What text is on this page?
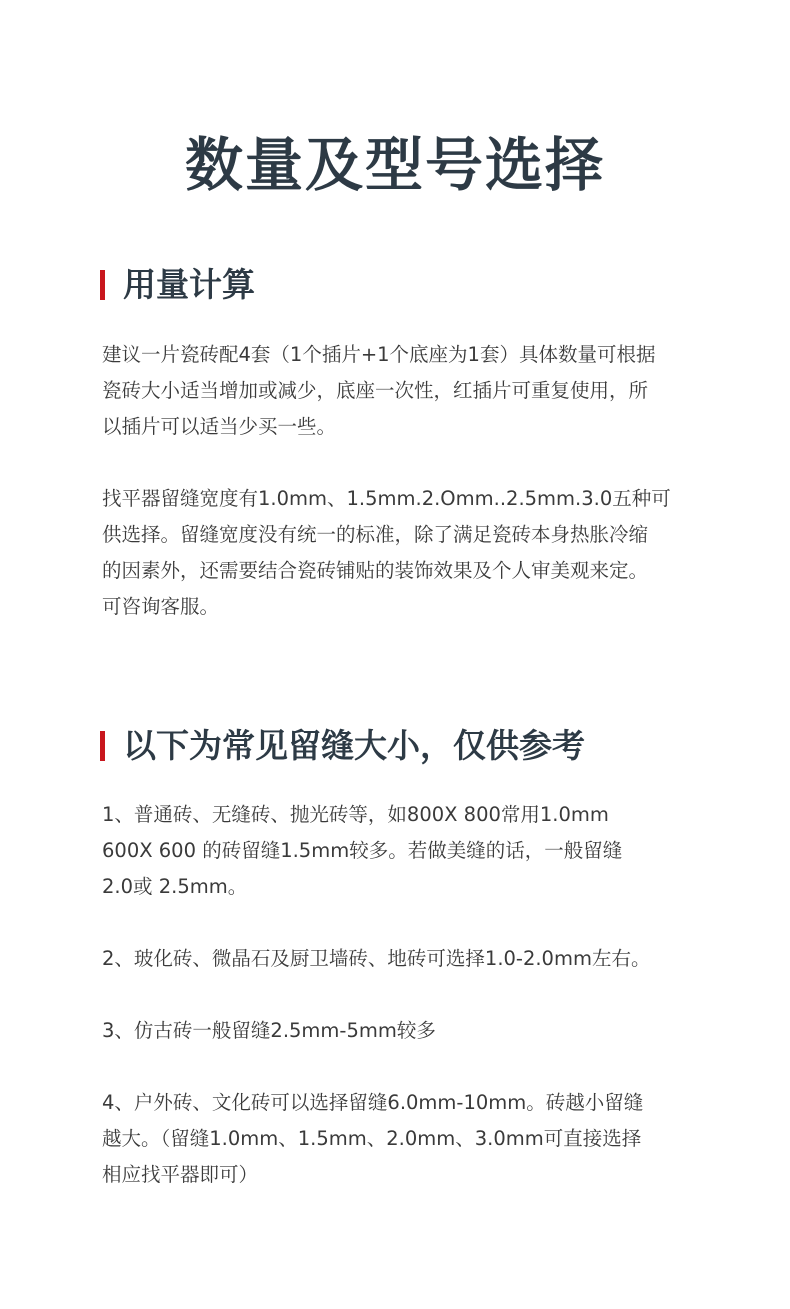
数量及型号选择
用量计算

建议一片瓷砖配4套（1个插片+1个底座为1套）具体数量可根据
瓷砖大小适当增加或减少，底座一次性，红插片可重复使用，所
以插片可以适当少买一些。

找平器留缝宽度有1.0mm、1.5mm.2.Omm..2.5mm.3.0五种可
供选择。留缝宽度没有统一的标准，除了满足瓷砖本身热胀冷缩
的因素外，还需要结合瓷砖铺贴的装饰效果及个人审美观来定。
可咨询客服。

以下为常见留缝大小，仅供参考

1、普通砖、无缝砖、抛光砖等，如800X 800常用1.0mm
600X 600 的砖留缝1.5mm较多。若做美缝的话，一般留缝
2.0或 2.5mm。

2、玻化砖、微晶石及厨卫墙砖、地砖可选择1.0-2.0mm左右。

3、仿古砖一般留缝2.5mm-5mm较多

4、户外砖、文化砖可以选择留缝6.0mm-10mm。砖越小留缝
越大。（留缝1.0mm、1.5mm、2.0mm、3.0mm可直接选择
相应找平器即可）
